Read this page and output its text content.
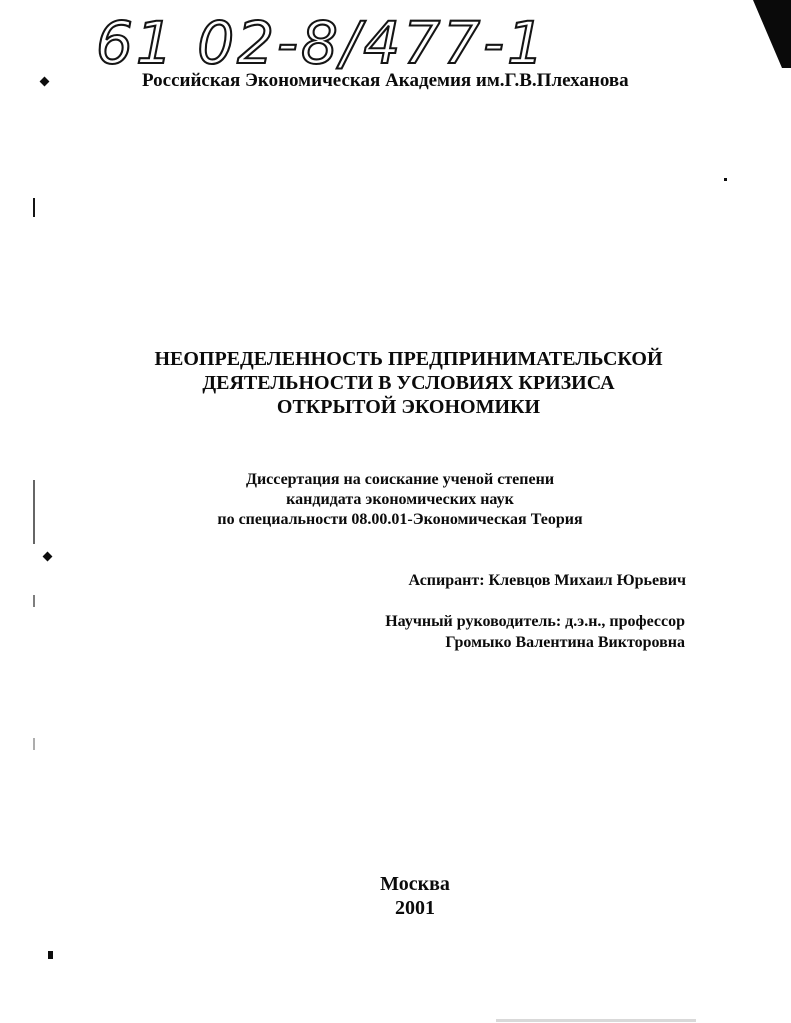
61 02-8/477-1
Российская Экономическая Академия им.Г.В.Плеханова
НЕОПРЕДЕЛЕННОСТЬ ПРЕДПРИНИМАТЕЛЬСКОЙ
ДЕЯТЕЛЬНОСТИ В УСЛОВИЯХ КРИЗИСА
ОТКРЫТОЙ ЭКОНОМИКИ
Диссертация на соискание ученой степени
кандидата экономических наук
по специальности 08.00.01-Экономическая Теория
Аспирант: Клевцов Михаил Юрьевич
Научный руководитель: д.э.н., профессор
Громыко Валентина Викторовна
Москва
2001
